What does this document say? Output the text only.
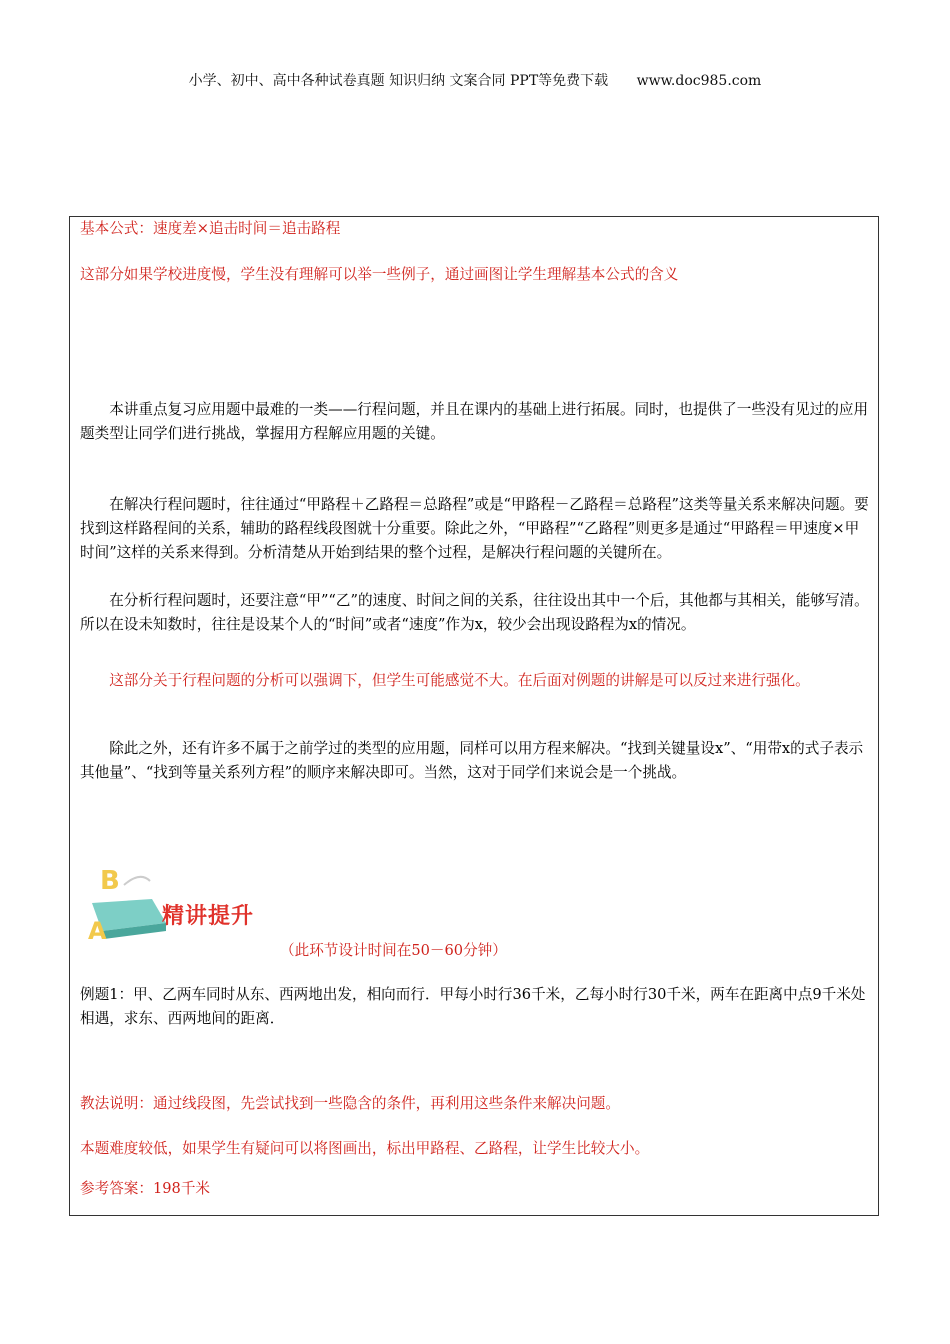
小学、初中、高中各种试卷真题 知识归纳 文案合同 PPT等免费下载 www.doc985.com
基本公式：速度差×追击时间＝追击路程
这部分如果学校进度慢，学生没有理解可以举一些例子，通过画图让学生理解基本公式的含义
本讲重点复习应用题中最难的一类——行程问题，并且在课内的基础上进行拓展。同时，也提供了一些没有见过的应用题类型让同学们进行挑战，掌握用方程解应用题的关键。
在解决行程问题时，往往通过“甲路程＋乙路程＝总路程”或是“甲路程－乙路程＝总路程”这类等量关系来解决问题。要找到这样路程间的关系，辅助的路程线段图就十分重要。除此之外，“甲路程”“乙路程”则更多是通过“甲路程＝甲速度×甲时间”这样的关系来得到。分析清楚从开始到结果的整个过程，是解决行程问题的关键所在。
在分析行程问题时，还要注意“甲”“乙”的速度、时间之间的关系，往往设出其中一个后，其他都与其相关，能够写清。所以在设未知数时，往往是设某个人的“时间”或者“速度”作为x，较少会出现设路程为x的情况。
这部分关于行程问题的分析可以强调下，但学生可能感觉不大。在后面对例题的讲解是可以反过来进行强化。
除此之外，还有许多不属于之前学过的类型的应用题，同样可以用方程来解决。“找到关键量设x”、“用带x的式子表示其他量”、“找到等量关系列方程”的顺序来解决即可。当然，这对于同学们来说会是一个挑战。
B
A
精讲提升
（此环节设计时间在50－60分钟）
例题1：甲、乙两车同时从东、西两地出发，相向而行．甲每小时行36千米，乙每小时行30千米，两车在距离中点9千米处相遇，求东、西两地间的距离．
教法说明：通过线段图，先尝试找到一些隐含的条件，再利用这些条件来解决问题。
本题难度较低，如果学生有疑问可以将图画出，标出甲路程、乙路程，让学生比较大小。
参考答案：198千米
